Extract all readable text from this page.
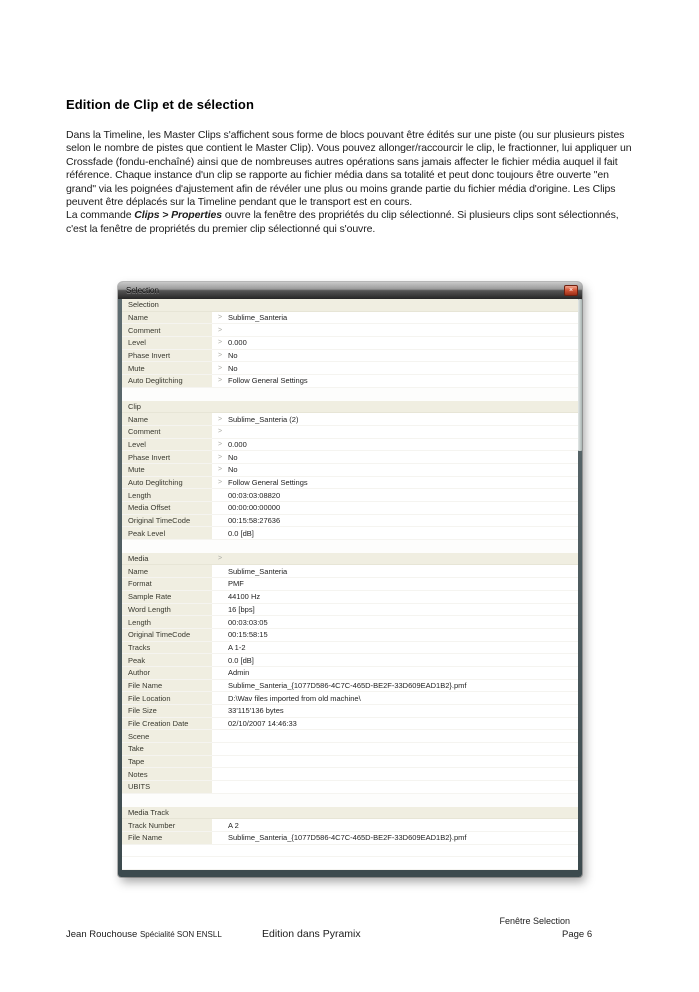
Edition de Clip et de sélection

Dans la Timeline, les Master Clips s'affichent sous forme de blocs pouvant être édités sur une piste (ou sur plusieurs pistes selon le nombre de pistes que contient le Master Clip). Vous pouvez allonger/raccourcir le clip, le fractionner, lui appliquer un Crossfade (fondu-enchaîné) ainsi que de nombreuses autres opérations sans jamais affecter le fichier média auquel il fait référence. Chaque instance d'un clip se rapporte au fichier média dans sa totalité et peut donc toujours être ouverte "en grand" via les poignées d'ajustement afin de révéler une plus ou moins grande partie du fichier média d'origine. Les Clips peuvent être déplacés sur la Timeline pendant que le transport est en cours.

La commande Clips > Properties ouvre la fenêtre des propriétés du clip sélectionné. Si plusieurs clips sont sélectionnés, c'est la fenêtre de propriétés du premier clip sélectionné qui s'ouvre.

Selection	×
Selection
Name	> Sublime_Santeria
Comment	>
Level	> 0.000
Phase Invert	> No
Mute	> No
Auto Deglitching	> Follow General Settings
Clip
Name	> Sublime_Santeria (2)
Comment	>
Level	> 0.000
Phase Invert	> No
Mute	> No
Auto Deglitching	> Follow General Settings
Length	00:03:03:08820
Media Offset	00:00:00:00000
Original TimeCode	00:15:58:27636
Peak Level	0.0 [dB]
Media	>
Name	Sublime_Santeria
Format	PMF
Sample Rate	44100 Hz
Word Length	16 [bps]
Length	00:03:03:05
Original TimeCode	00:15:58:15
Tracks	A 1-2
Peak	0.0 [dB]
Author	Admin
File Name	Sublime_Santeria_{1077D586-4C7C-465D-BE2F-33D609EAD1B2}.pmf
File Location	D:\Wav files imported from old machine\
File Size	33'115'136 bytes
File Creation Date	02/10/2007 14:46:33
Scene
Take
Tape
Notes
UBITS
Media Track
Track Number	A 2
File Name	Sublime_Santeria_{1077D586-4C7C-465D-BE2F-33D609EAD1B2}.pmf
Fenêtre Selection
Jean Rouchouse Spécialité SON ENSLL	Edition dans Pyramix	Page 6
